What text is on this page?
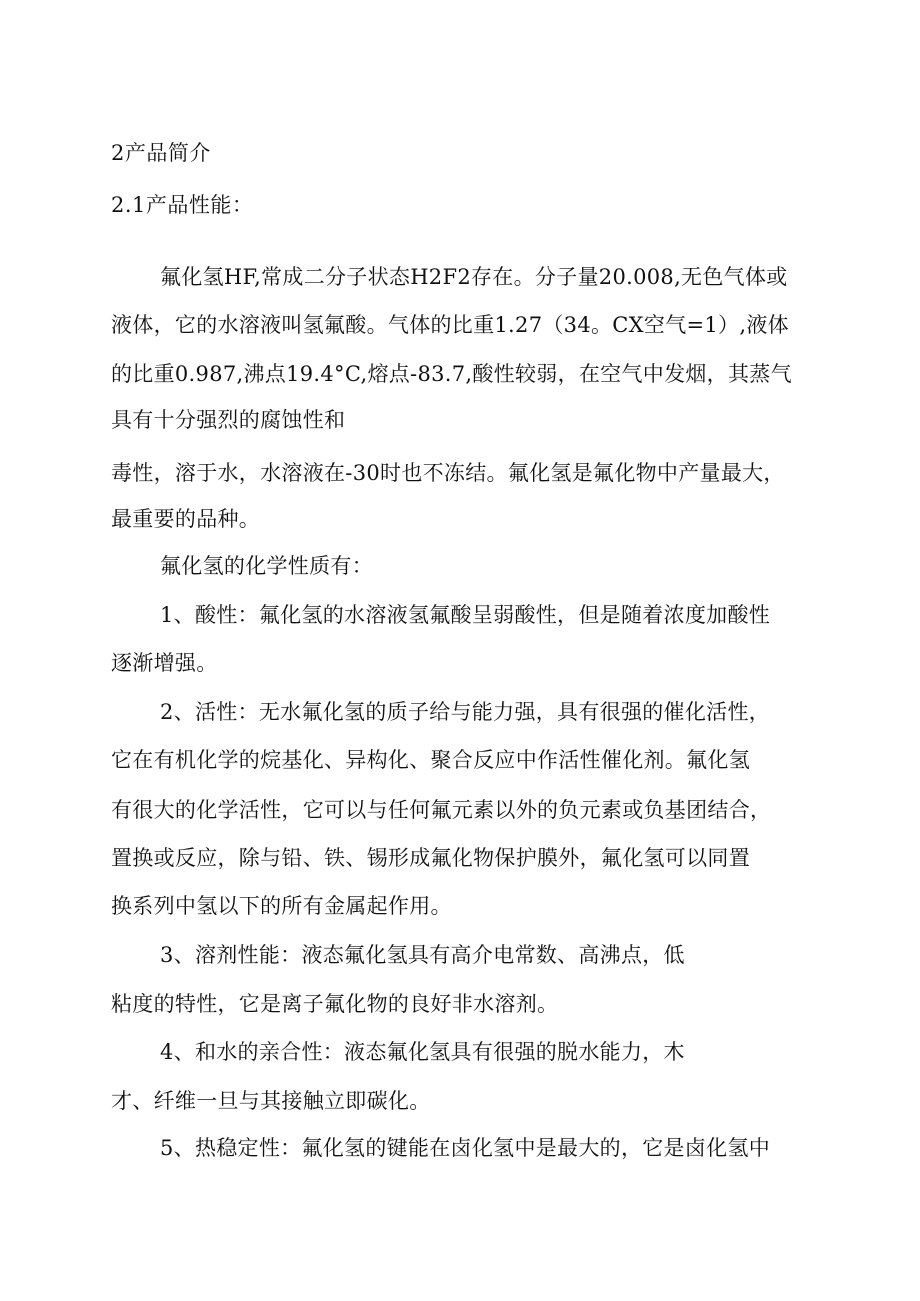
2产品简介
2.1产品性能：
氟化氢HF,常成二分子状态H2F2存在。分子量20.008,无色气体或
液体，它的水溶液叫氢氟酸。气体的比重1.27（34。CX空气=1）,液体
的比重0.987,沸点19.4°C,熔点-83.7,酸性较弱，在空气中发烟，其蒸气
具有十分强烈的腐蚀性和
毒性，溶于水，水溶液在-30时也不冻结。氟化氢是氟化物中产量最大，
最重要的品种。
氟化氢的化学性质有：
1、酸性：氟化氢的水溶液氢氟酸呈弱酸性，但是随着浓度加酸性
逐渐增强。
2、活性：无水氟化氢的质子给与能力强，具有很强的催化活性，
它在有机化学的烷基化、异构化、聚合反应中作活性催化剂。氟化氢
有很大的化学活性，它可以与任何氟元素以外的负元素或负基团结合，
置换或反应，除与铅、铁、锡形成氟化物保护膜外，氟化氢可以同置
换系列中氢以下的所有金属起作用。
3、溶剂性能：液态氟化氢具有高介电常数、高沸点，低
粘度的特性，它是离子氟化物的良好非水溶剂。
4、和水的亲合性：液态氟化氢具有很强的脱水能力，木
才、纤维一旦与其接触立即碳化。
5、热稳定性：氟化氢的键能在卤化氢中是最大的，它是卤化氢中
